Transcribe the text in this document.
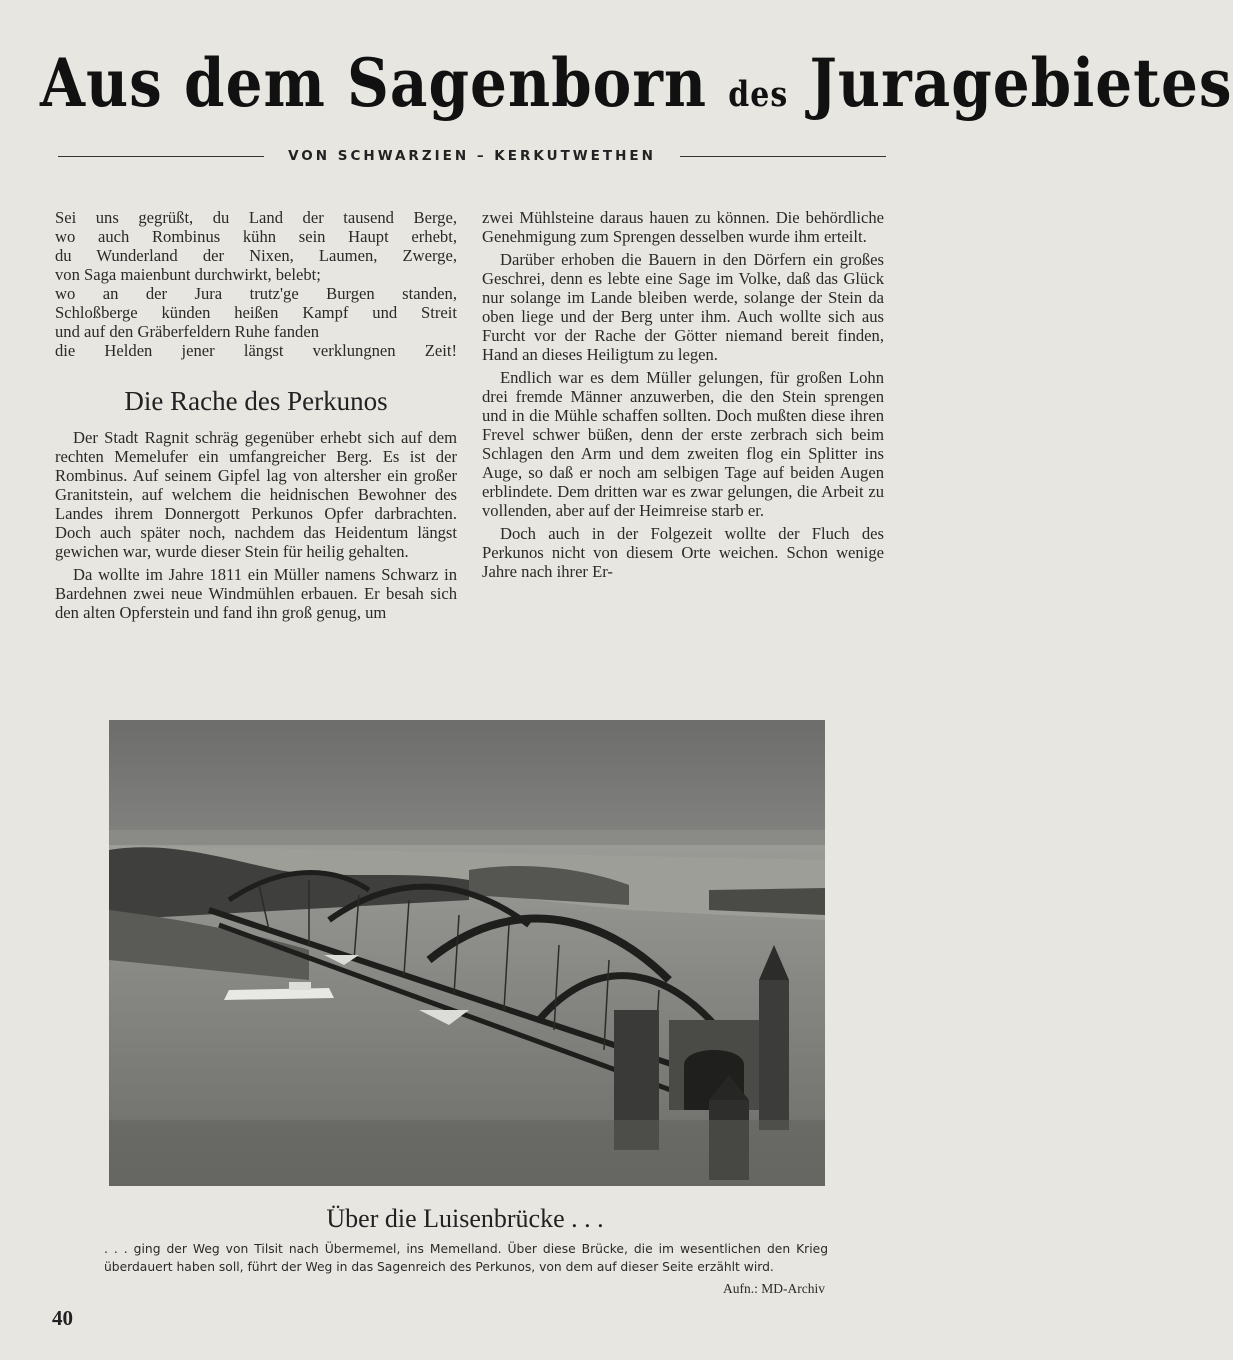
Aus dem Sagenborn des Juragebietes
VON SCHWARZIEN – KERKUTWETHEN
Sei uns gegrüßt, du Land der tausend Berge,
wo auch Rombinus kühn sein Haupt erhebt,
du Wunderland der Nixen, Laumen, Zwerge,
von Saga maienbunt durchwirkt, belebt;
wo an der Jura trutz'ge Burgen standen,
Schloßberge künden heißen Kampf und Streit
und auf den Gräberfeldern Ruhe fanden
die Helden jener längst verklungnen Zeit!
Die Rache des Perkunos

Der Stadt Ragnit schräg gegenüber erhebt sich auf dem rechten Memelufer ein umfangreicher Berg. Es ist der Rombinus. Auf seinem Gipfel lag von altersher ein großer Granitstein, auf welchem die heidnischen Bewohner des Landes ihrem Donnergott Perkunos Opfer darbrachten. Doch auch später noch, nachdem das Heidentum längst gewichen war, wurde dieser Stein für heilig gehalten.

Da wollte im Jahre 1811 ein Müller namens Schwarz in Bardehnen zwei neue Windmühlen erbauen. Er besah sich den alten Opferstein und fand ihn groß genug, um

zwei Mühlsteine daraus hauen zu können. Die behördliche Genehmigung zum Sprengen desselben wurde ihm erteilt.

Darüber erhoben die Bauern in den Dörfern ein großes Geschrei, denn es lebte eine Sage im Volke, daß das Glück nur solange im Lande bleiben werde, solange der Stein da oben liege und der Berg unter ihm. Auch wollte sich aus Furcht vor der Rache der Götter niemand bereit finden, Hand an dieses Heiligtum zu legen.

Endlich war es dem Müller gelungen, für großen Lohn drei fremde Männer anzuwerben, die den Stein sprengen und in die Mühle schaffen sollten. Doch mußten diese ihren Frevel schwer büßen, denn der erste zerbrach sich beim Schlagen den Arm und dem zweiten flog ein Splitter ins Auge, so daß er noch am selbigen Tage auf beiden Augen erblindete. Dem dritten war es zwar gelungen, die Arbeit zu vollenden, aber auf der Heimreise starb er.

Doch auch in der Folgezeit wollte der Fluch des Perkunos nicht von diesem Orte weichen. Schon wenige Jahre nach ihrer Er-

Über die Luisenbrücke . . .
. . . ging der Weg von Tilsit nach Übermemel, ins Memelland. Über diese Brücke, die im wesentlichen den Krieg überdauert haben soll, führt der Weg in das Sagenreich des Perkunos, von dem auf dieser Seite erzählt wird.
Aufn.: MD-Archiv
40
